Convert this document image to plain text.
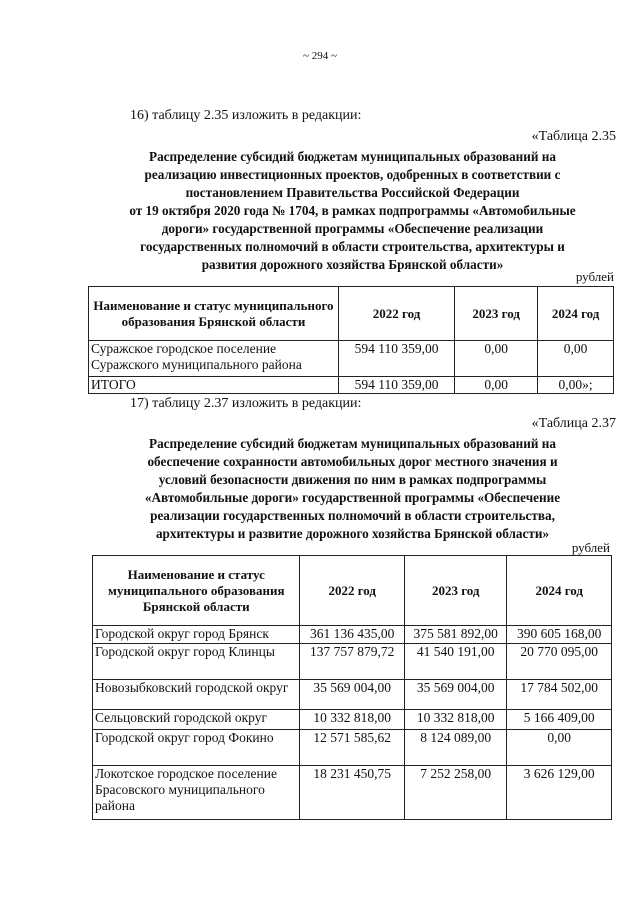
~ 294 ~
16) таблицу 2.35 изложить в редакции:
«Таблица 2.35
Распределение субсидий бюджетам муниципальных образований на
реализацию инвестиционных проектов, одобренных в соответствии с
постановлением Правительства Российской Федерации
от 19 октября 2020 года № 1704, в рамках подпрограммы «Автомобильные
дороги» государственной программы «Обеспечение реализации
государственных полномочий в области строительства, архитектуры и
развития дорожного хозяйства Брянской области»
рублей
Наименование и статус муниципального образования Брянской области	2022 год	2023 год	2024 год
Суражское городское поселение Суражского муниципального района	594 110 359,00	0,00	0,00
ИТОГО	594 110 359,00	0,00	0,00»;
17) таблицу 2.37 изложить в редакции:
«Таблица 2.37
Распределение субсидий бюджетам муниципальных образований на
обеспечение сохранности автомобильных дорог местного значения и
условий безопасности движения по ним в рамках подпрограммы
«Автомобильные дороги» государственной программы «Обеспечение
реализации государственных полномочий в области строительства,
архитектуры и развитие дорожного хозяйства Брянской области»
рублей
Наименование и статус муниципального образования Брянской области	2022 год	2023 год	2024 год
Городской округ город Брянск	361 136 435,00	375 581 892,00	390 605 168,00
Городской округ город Клинцы	137 757 879,72	41 540 191,00	20 770 095,00
Новозыбковский городской округ	35 569 004,00	35 569 004,00	17 784 502,00
Сельцовский городской округ	10 332 818,00	10 332 818,00	5 166 409,00
Городской округ город Фокино	12 571 585,62	8 124 089,00	0,00
Локотское городское поселение Брасовского муниципального района	18 231 450,75	7 252 258,00	3 626 129,00
